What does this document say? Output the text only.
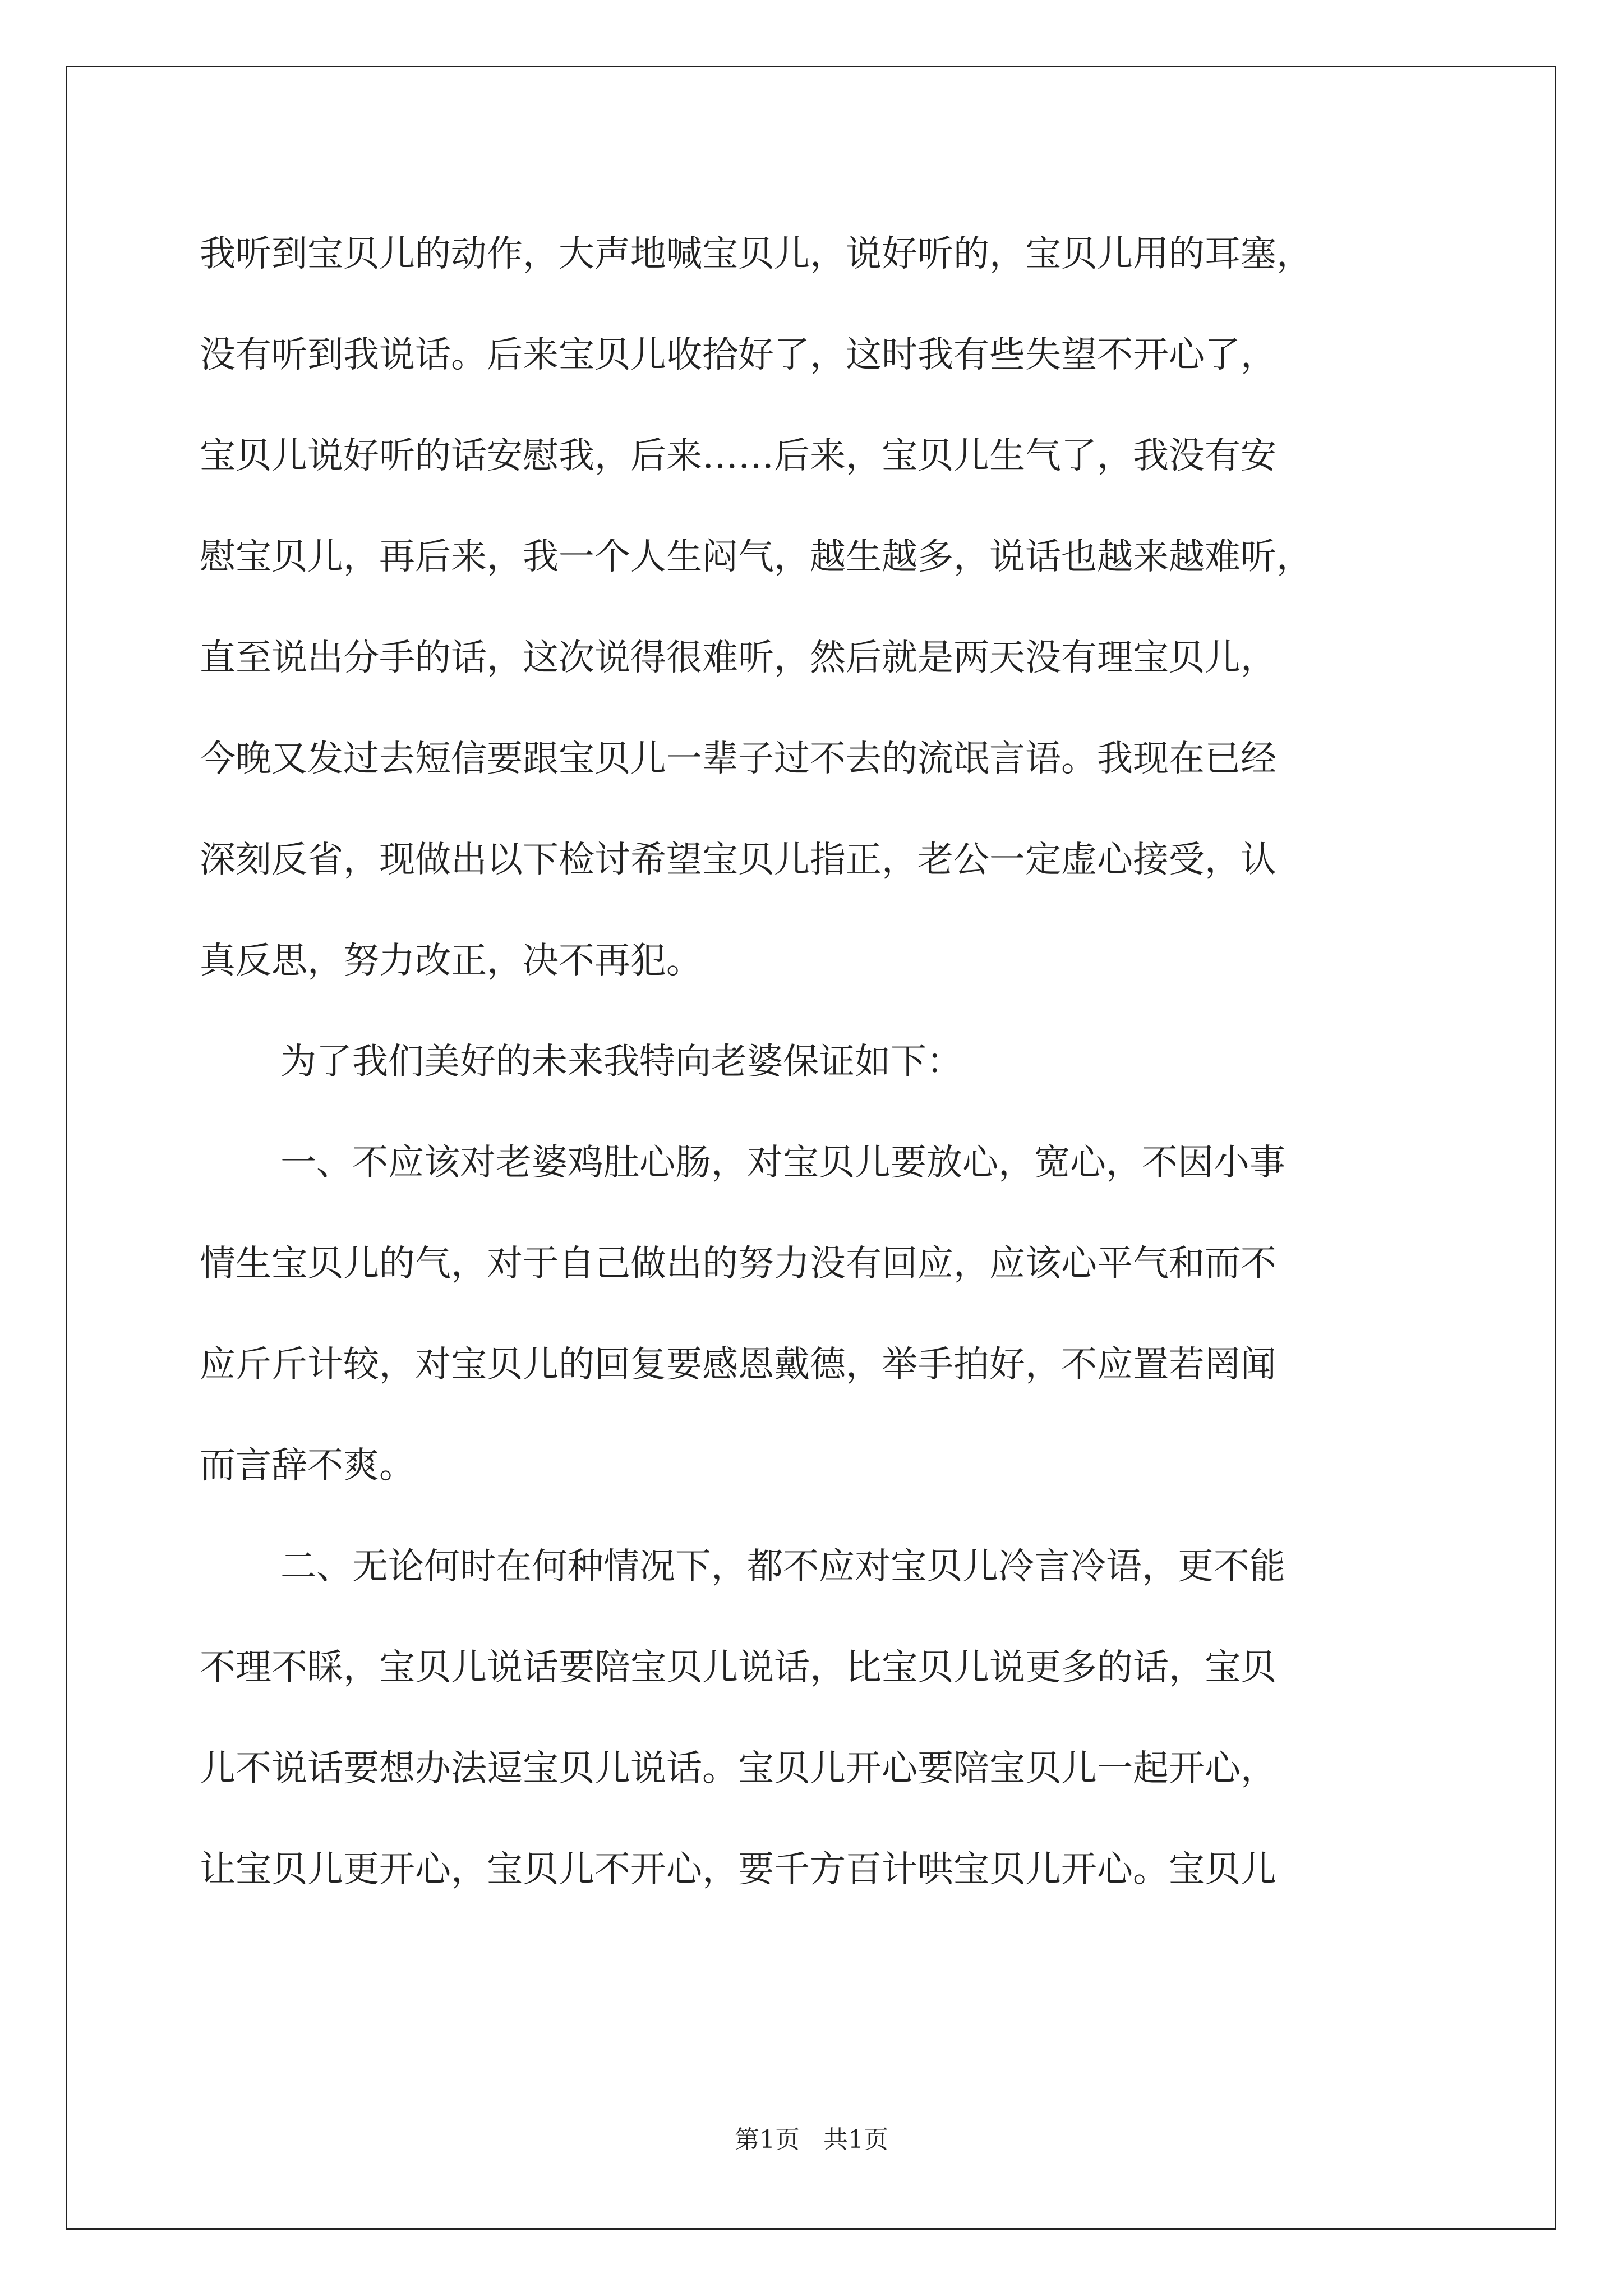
我听到宝贝儿的动作，大声地喊宝贝儿，说好听的，宝贝儿用的耳塞，
没有听到我说话。后来宝贝儿收拾好了，这时我有些失望不开心了，
宝贝儿说好听的话安慰我，后来……后来，宝贝儿生气了，我没有安
慰宝贝儿，再后来，我一个人生闷气，越生越多，说话也越来越难听，
直至说出分手的话，这次说得很难听，然后就是两天没有理宝贝儿，
今晚又发过去短信要跟宝贝儿一辈子过不去的流氓言语。我现在已经
深刻反省，现做出以下检讨希望宝贝儿指正，老公一定虚心接受，认
真反思，努力改正，决不再犯。
为了我们美好的未来我特向老婆保证如下：
一、不应该对老婆鸡肚心肠，对宝贝儿要放心，宽心，不因小事
情生宝贝儿的气，对于自己做出的努力没有回应，应该心平气和而不
应斤斤计较，对宝贝儿的回复要感恩戴德，举手拍好，不应置若罔闻
而言辞不爽。
二、无论何时在何种情况下，都不应对宝贝儿冷言冷语，更不能
不理不睬，宝贝儿说话要陪宝贝儿说话，比宝贝儿说更多的话，宝贝
儿不说话要想办法逗宝贝儿说话。宝贝儿开心要陪宝贝儿一起开心，
让宝贝儿更开心，宝贝儿不开心，要千方百计哄宝贝儿开心。宝贝儿
第1页   共1页
